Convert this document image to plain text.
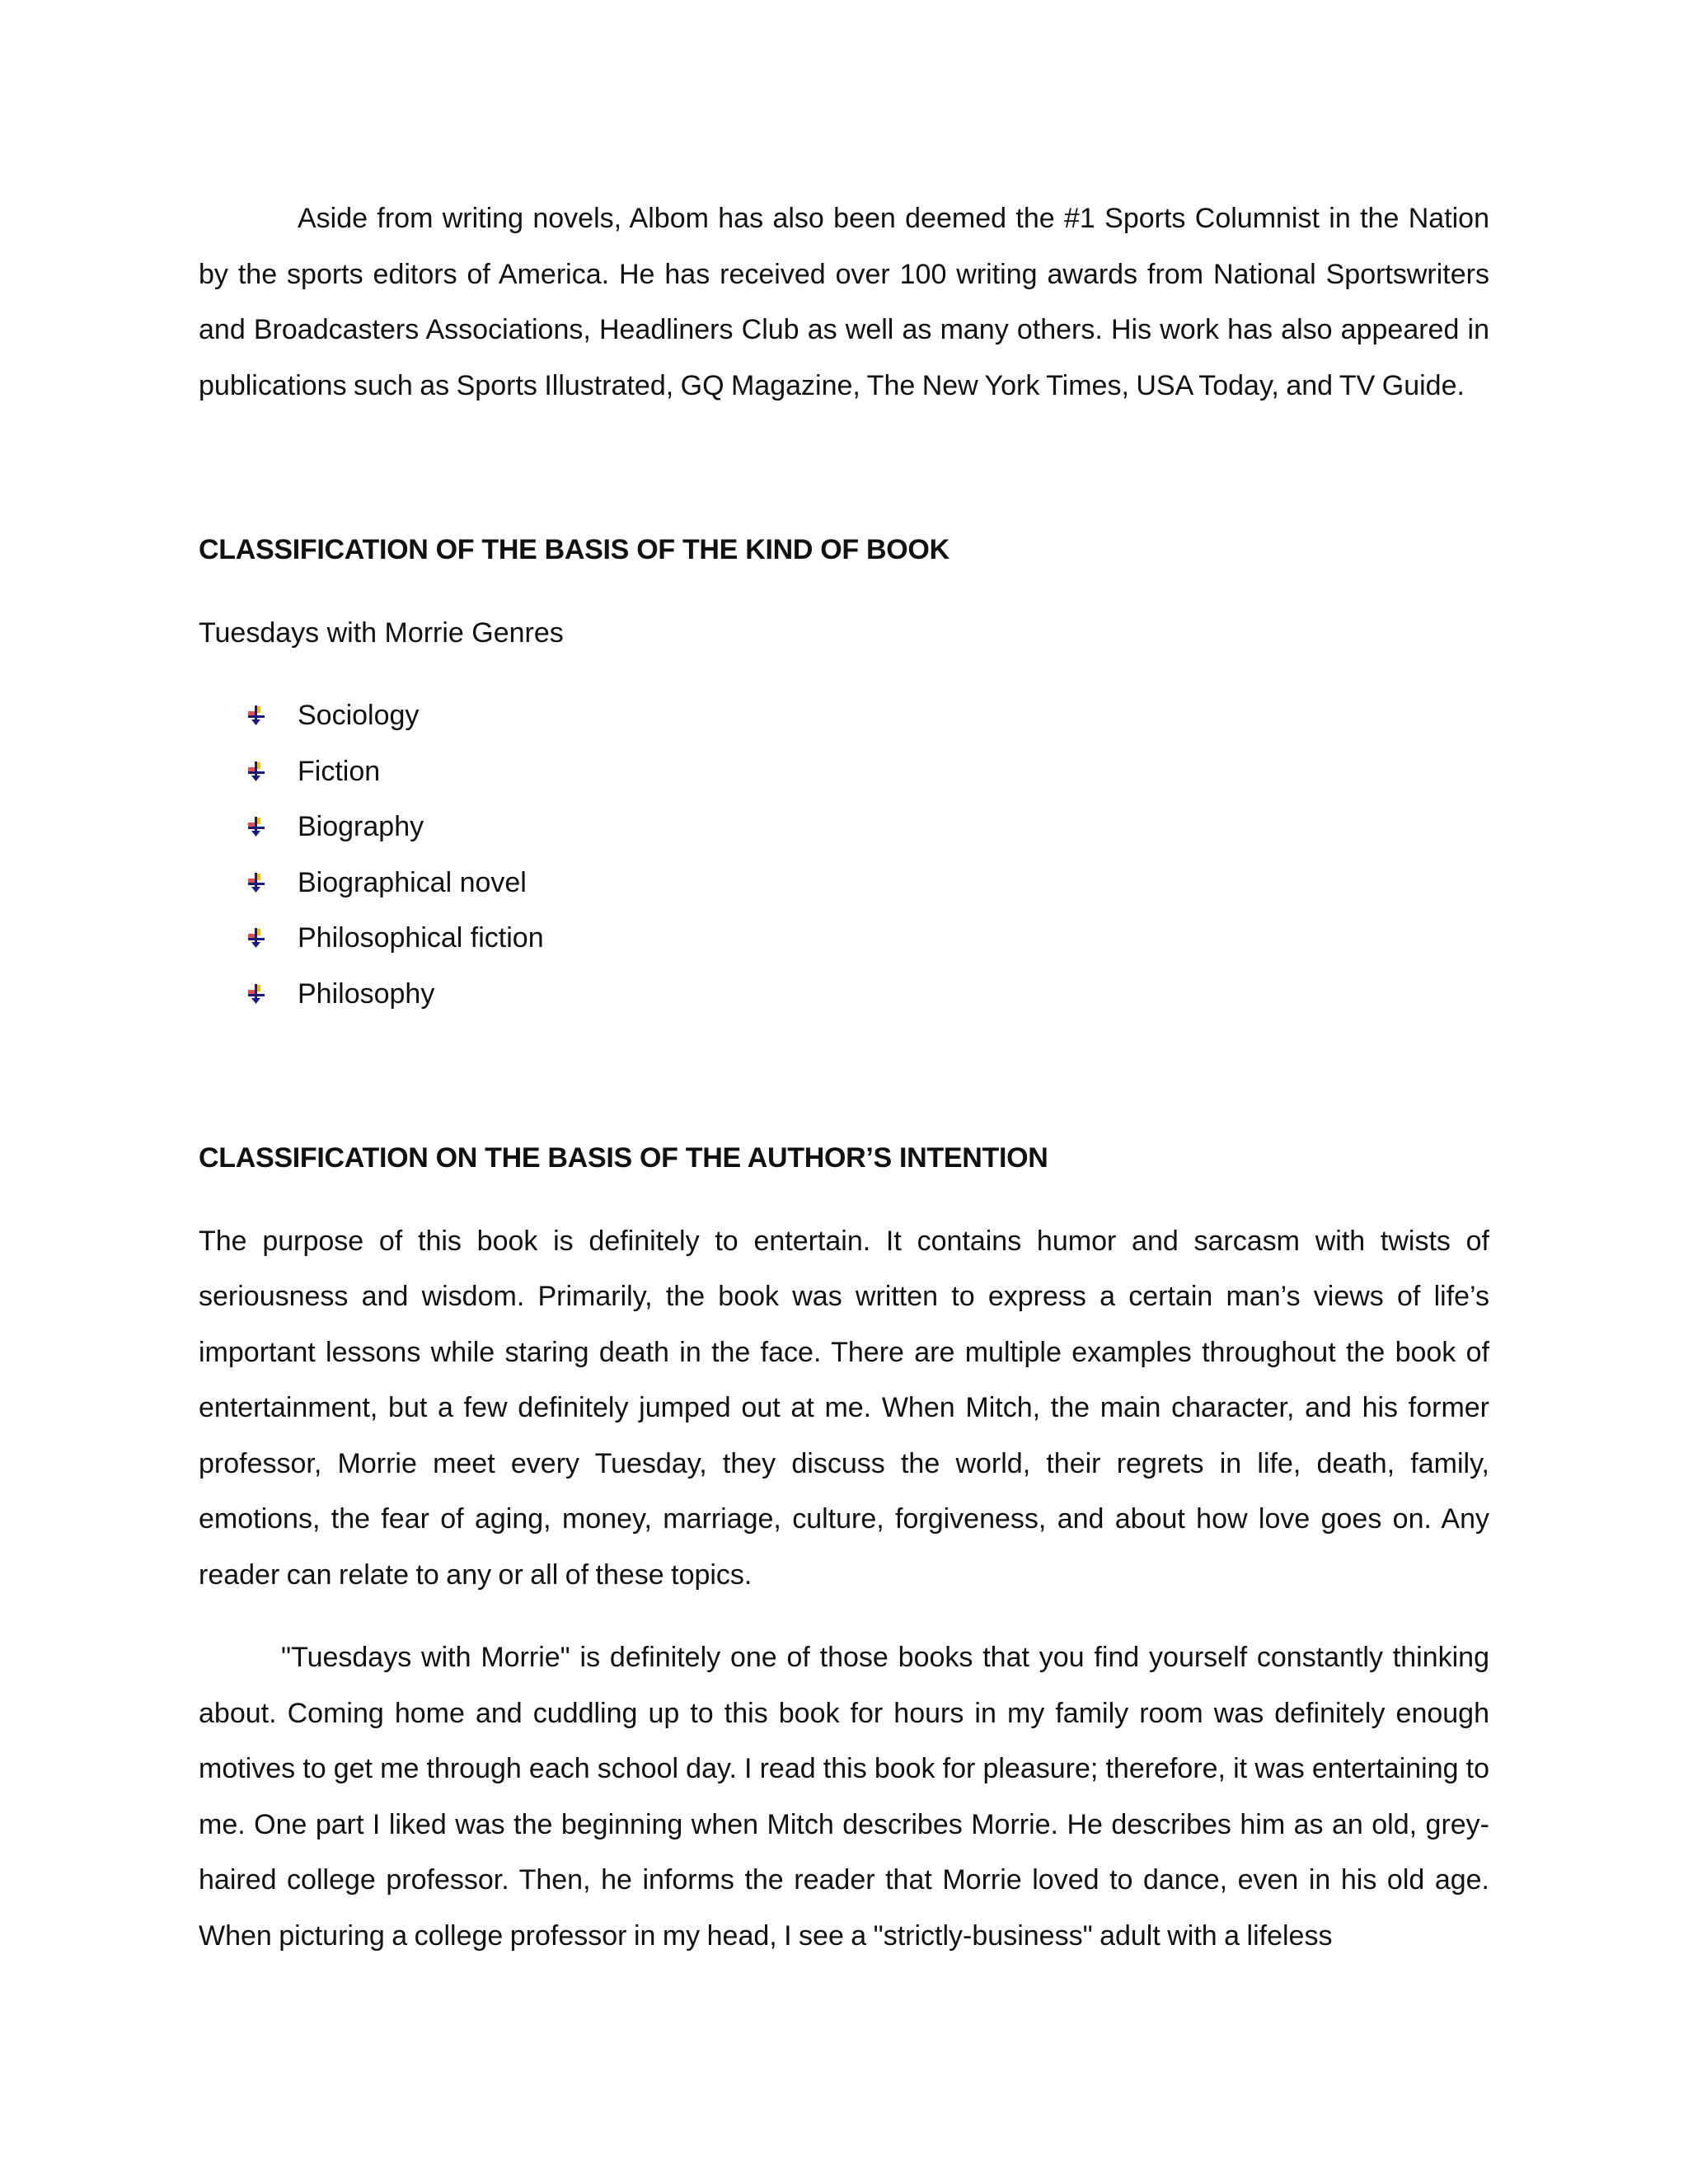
Aside from writing novels, Albom has also been deemed the #1 Sports Columnist in the Nation by the sports editors of America. He has received over 100 writing awards from National Sportswriters and Broadcasters Associations, Headliners Club as well as many others. His work has also appeared in publications such as Sports Illustrated, GQ Magazine, The New York Times, USA Today, and TV Guide.

CLASSIFICATION OF THE BASIS OF THE KIND OF BOOK

Tuesdays with Morrie Genres

Sociology
Fiction
Biography
Biographical novel
Philosophical fiction
Philosophy

CLASSIFICATION ON THE BASIS OF THE AUTHOR’S INTENTION

The purpose of this book is definitely to entertain. It contains humor and sarcasm with twists of seriousness and wisdom. Primarily, the book was written to express a certain man’s views of life’s important lessons while staring death in the face. There are multiple examples throughout the book of entertainment, but a few definitely jumped out at me. When Mitch, the main character, and his former professor, Morrie meet every Tuesday, they discuss the world, their regrets in life, death, family, emotions, the fear of aging, money, marriage, culture, forgiveness, and about how love goes on. Any reader can relate to any or all of these topics.

"Tuesdays with Morrie" is definitely one of those books that you find yourself constantly thinking about. Coming home and cuddling up to this book for hours in my family room was definitely enough motives to get me through each school day. I read this book for pleasure; therefore, it was entertaining to me. One part I liked was the beginning when Mitch describes Morrie. He describes him as an old, grey-haired college professor. Then, he informs the reader that Morrie loved to dance, even in his old age. When picturing a college professor in my head, I see a "strictly-business" adult with a lifeless
